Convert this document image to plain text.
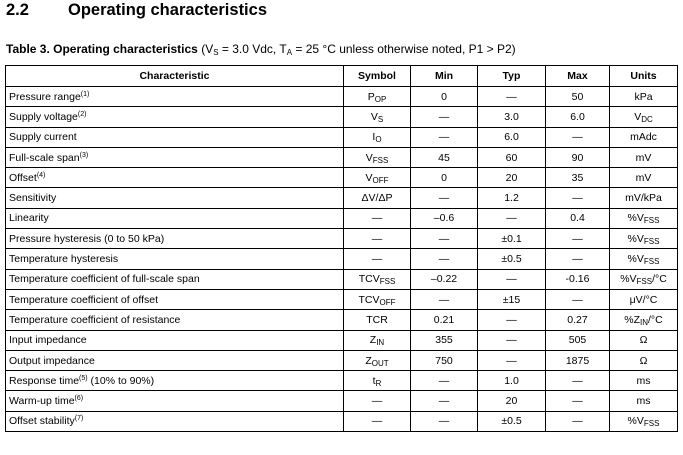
2.2 Operating characteristics
Table 3. Operating characteristics ($V_S = 3.0$ Vdc, $T_A = 25$ °C unless otherwise noted, P1 > P2)
Characteristic	Symbol	Min	Typ	Max	Units
Pressure range$^{(1)}$	$P_{OP}$	0	—	50	kPa
Supply voltage$^{(2)}$	$V_S$	—	3.0	6.0	$V_{DC}$
Supply current	$I_O$	—	6.0	—	mAdc
Full-scale span$^{(3)}$	$V_{FSS}$	45	60	90	mV
Offset$^{(4)}$	$V_{OFF}$	0	20	35	mV
Sensitivity	ΔV/ΔP	—	1.2	—	mV/kPa
Linearity	—	–0.6	—	0.4	$\%V_{FSS}$
Pressure hysteresis (0 to 50 kPa)	—	—	±0.1	—	$\%V_{FSS}$
Temperature hysteresis	—	—	±0.5	—	$\%V_{FSS}$
Temperature coefficient of full-scale span	$TCV_{FSS}$	–0.22	—	-0.16	$\%V_{FSS}/^\circ C$
Temperature coefficient of offset	$TCV_{OFF}$	—	±15	—	μV/°C
Temperature coefficient of resistance	TCR	0.21	—	0.27	$\%Z_{IN}/^\circ C$
Input impedance	$Z_{IN}$	355	—	505	Ω
Output impedance	$Z_{OUT}$	750	—	1875	Ω
Response time$^{(5)}$ (10% to 90%)	$t_R$	—	1.0	—	ms
Warm-up time$^{(6)}$	—	—	20	—	ms
Offset stability$^{(7)}$	—	—	±0.5	—	$\%V_{FSS}$
